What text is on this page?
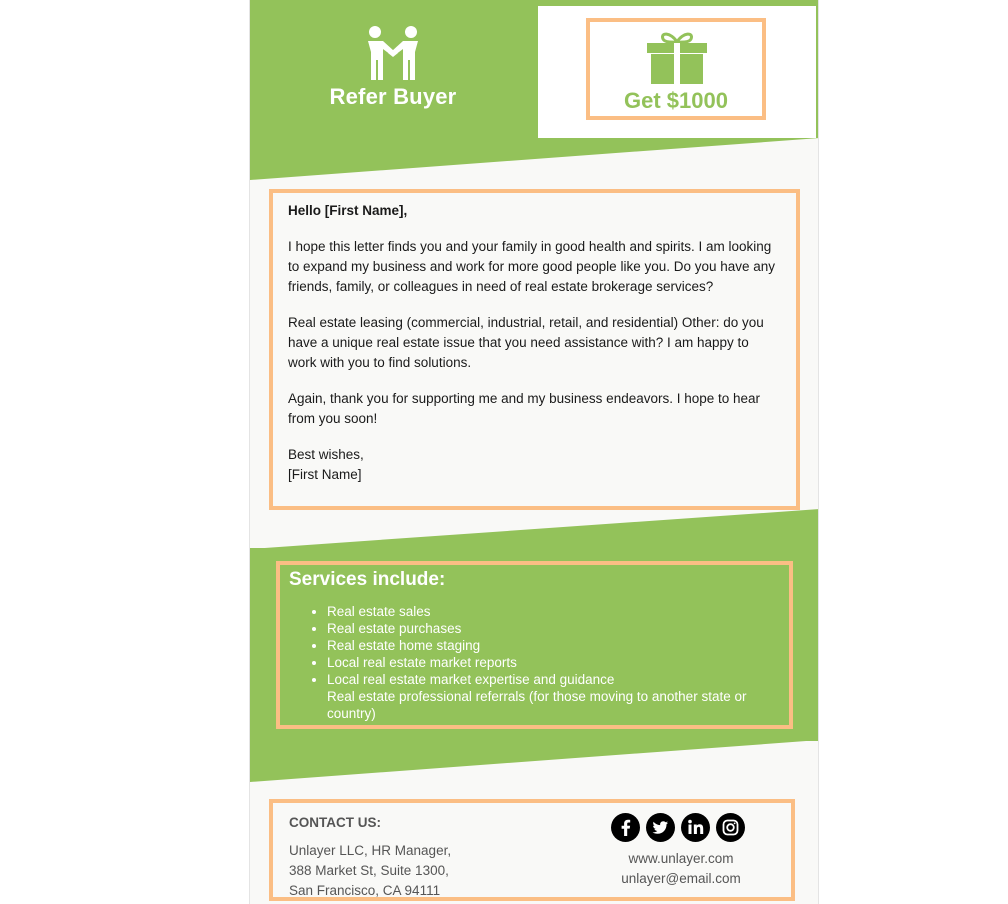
Refer Buyer	Get $1000

Hello [First Name],

I hope this letter finds you and your family in good health and spirits. I am looking to expand my business and work for more good people like you. Do you have any friends, family, or colleagues in need of real estate brokerage services?

Real estate leasing (commercial, industrial, retail, and residential) Other: do you have a unique real estate issue that you need assistance with? I am happy to work with you to find solutions.

Again, thank you for supporting me and my business endeavors. I hope to hear from you soon!

Best wishes,
[First Name]
Services include:
• Real estate sales
• Real estate purchases
• Real estate home staging
• Local real estate market reports
• Local real estate market expertise and guidance
Real estate professional referrals (for those moving to another state or country)
CONTACT US:
Unlayer LLC, HR Manager,
388 Market St, Suite 1300,
San Francisco, CA 94111
www.unlayer.com
unlayer@email.com
